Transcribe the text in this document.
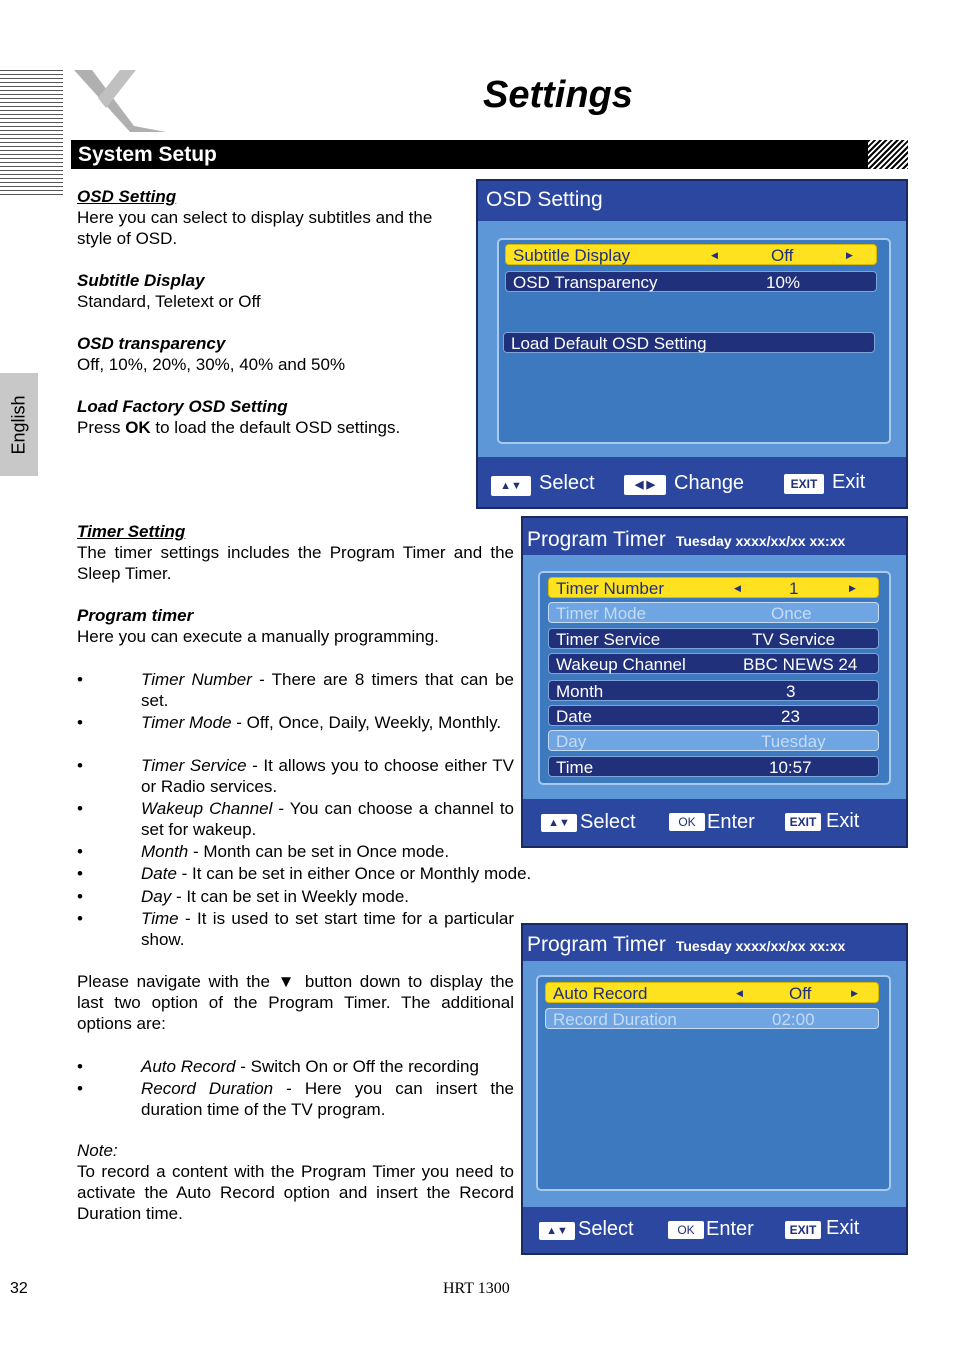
Settings
System Setup
English
OSD Setting
Here you can select to display subtitles and the style of OSD.
Subtitle Display
Standard, Teletext or Off
OSD transparency
Off, 10%, 20%, 30%, 40% and 50%
Load Factory OSD Setting
Press OK to load the default OSD settings.
Timer Setting
The timer settings includes the Program Timer and the Sleep Timer.
Program timer
Here you can execute a manually programming.
•	Timer Number - There are 8 timers that can be set.
•	Timer Mode - Off, Once, Daily, Weekly, Monthly.
•	Timer Service - It allows you to choose either TV or Radio services.
•	Wakeup Channel - You can choose a channel to set for wakeup.
•	Month - Month can be set in Once mode.
•	Date - It can be set in either Once or Monthly mode.
•	Day - It can be set in Weekly mode.
•	Time - It is used to set start time for a particular show.
Please navigate with the ▼ button down to display the last two option of the Program Timer. The additional options are:
•	Auto Record - Switch On or Off the recording
•	Record Duration - Here you can insert the duration time of the TV program.
Note:
To record a content with the Program Timer you need to activate the Auto Record option and insert the Record Duration time.
OSD Setting
Subtitle Display	◀	Off	▶
OSD Transparency	10%
Load Default OSD Setting
▲▼ Select	◀ ▶ Change	EXIT Exit
Program Timer Tuesday xxxx/xx/xx xx:xx
Timer Number	◀	1	▶
Timer Mode	Once
Timer Service	TV Service
Wakeup Channel	BBC NEWS 24
Month	3
Date	23
Day	Tuesday
Time	10:57
▲▼ Select	OK Enter	EXIT Exit
Program Timer Tuesday xxxx/xx/xx xx:xx
Auto Record	◀	Off	▶
Record Duration	02:00
▲▼ Select	OK Enter	EXIT Exit
32	HRT 1300
